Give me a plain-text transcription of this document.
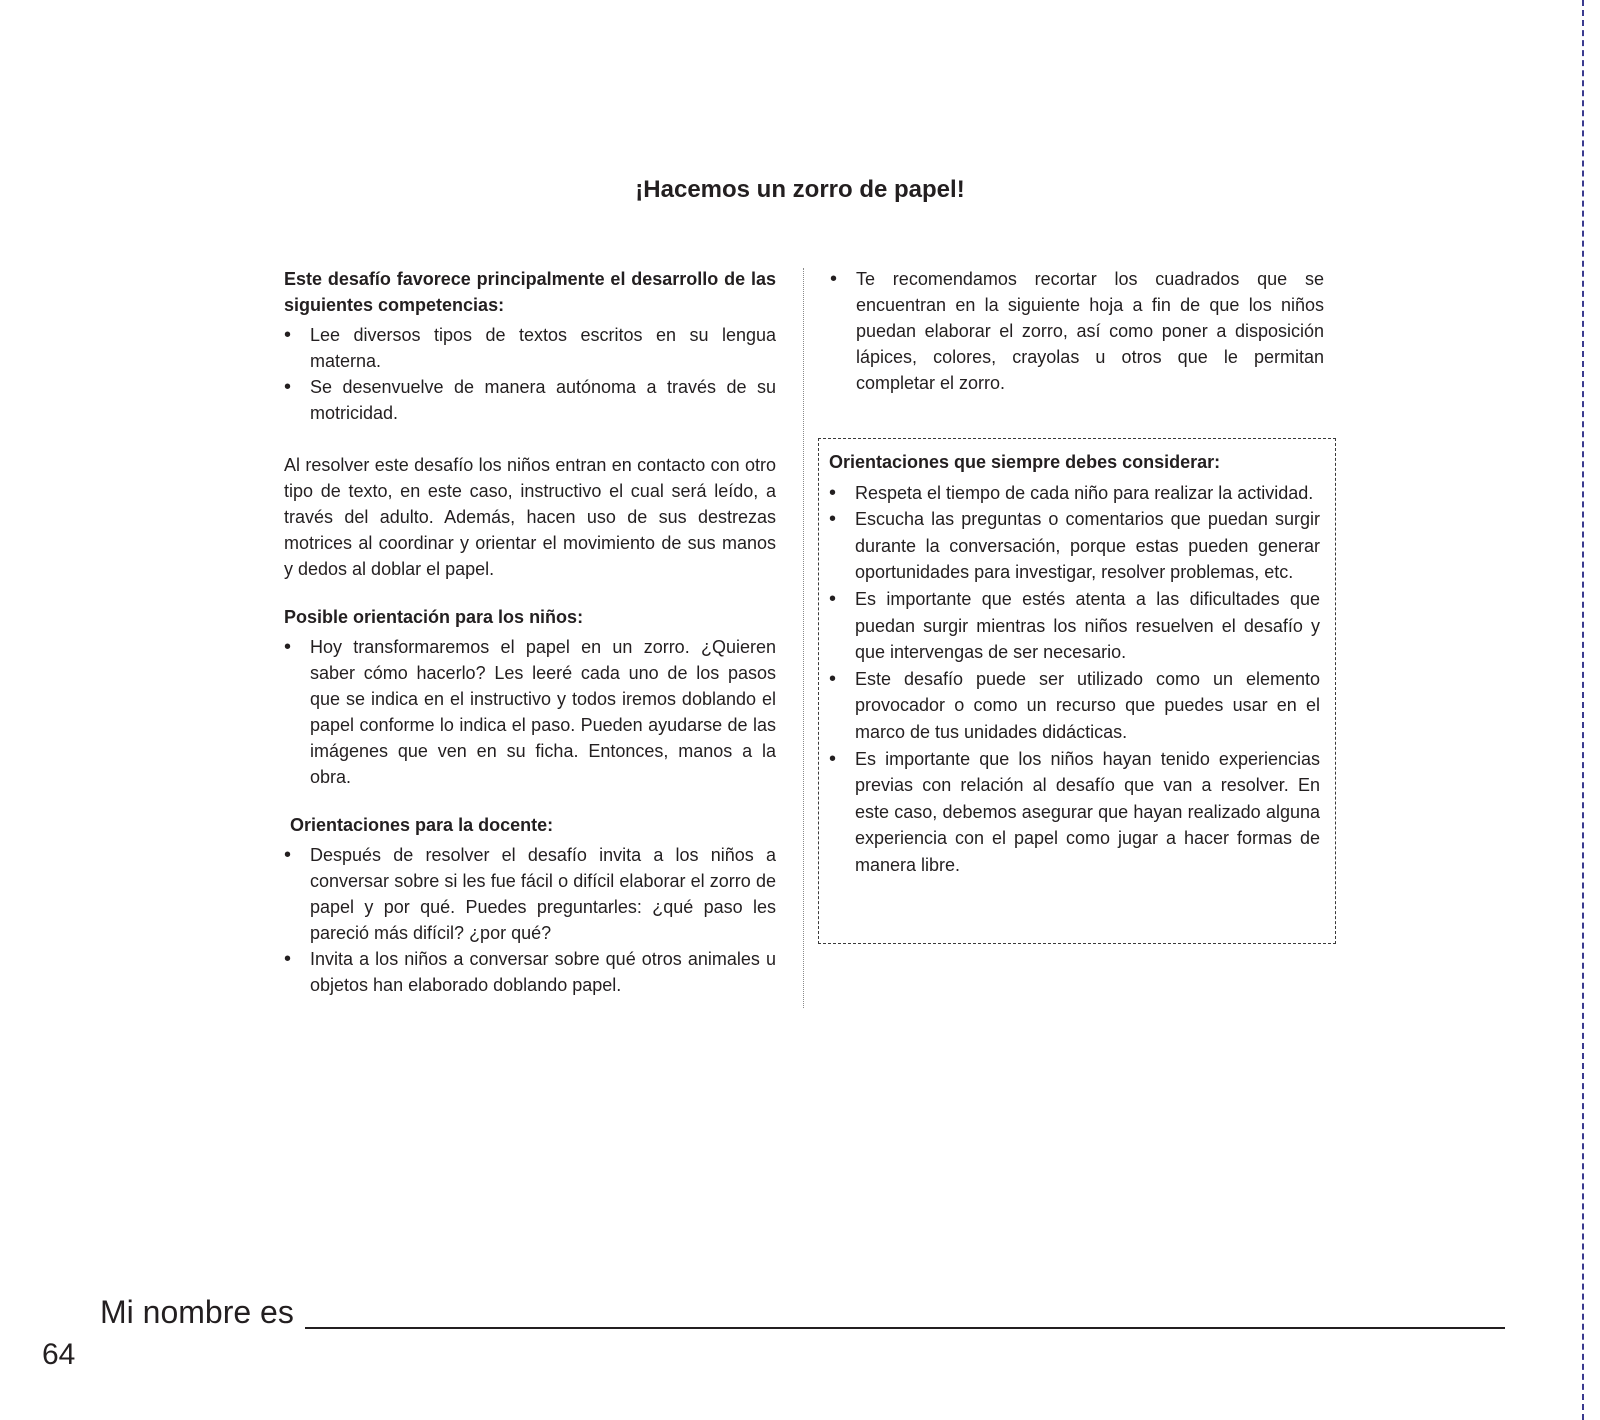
¡Hacemos un zorro de papel!

Este desafío favorece principalmente el desarrollo de las siguientes competencias:

• Lee diversos tipos de textos escritos en su lengua materna.
• Se desenvuelve de manera autónoma a través de su motricidad.

Al resolver este desafío los niños entran en contacto con otro tipo de texto, en este caso, instructivo el cual será leído, a través del adulto. Además, hacen uso de sus destrezas motrices al coordinar y orientar el movimiento de sus manos y dedos al doblar el papel.

Posible orientación para los niños:

• Hoy transformaremos el papel en un zorro. ¿Quieren saber cómo hacerlo? Les leeré cada uno de los pasos que se indica en el instructivo y todos iremos doblando el papel conforme lo indica el paso. Pueden ayudarse de las imágenes que ven en su ficha. Entonces, manos a la obra.

Orientaciones para la docente:

• Después de resolver el desafío invita a los niños a conversar sobre si les fue fácil o difícil elaborar el zorro de papel y por qué. Puedes preguntarles: ¿qué paso les pareció más difícil? ¿por qué?
• Invita a los niños a conversar sobre qué otros animales u objetos han elaborado doblando papel.
• Te recomendamos recortar los cuadrados que se encuentran en la siguiente hoja a fin de que los niños puedan elaborar el zorro, así como poner a disposición lápices, colores, crayolas u otros que le permitan completar el zorro.

Orientaciones que siempre debes considerar:

• Respeta el tiempo de cada niño para realizar la actividad.
• Escucha las preguntas o comentarios que puedan surgir durante la conversación, porque estas pueden generar oportunidades para investigar, resolver problemas, etc.
• Es importante que estés atenta a las dificultades que puedan surgir mientras los niños resuelven el desafío y que intervengas de ser necesario.
• Este desafío puede ser utilizado como un elemento provocador o como un recurso que puedes usar en el marco de tus unidades didácticas.
• Es importante que los niños hayan tenido experiencias previas con relación al desafío que van a resolver. En este caso, debemos asegurar que hayan realizado alguna experiencia con el papel como jugar a hacer formas de manera libre.
Mi nombre es
64
